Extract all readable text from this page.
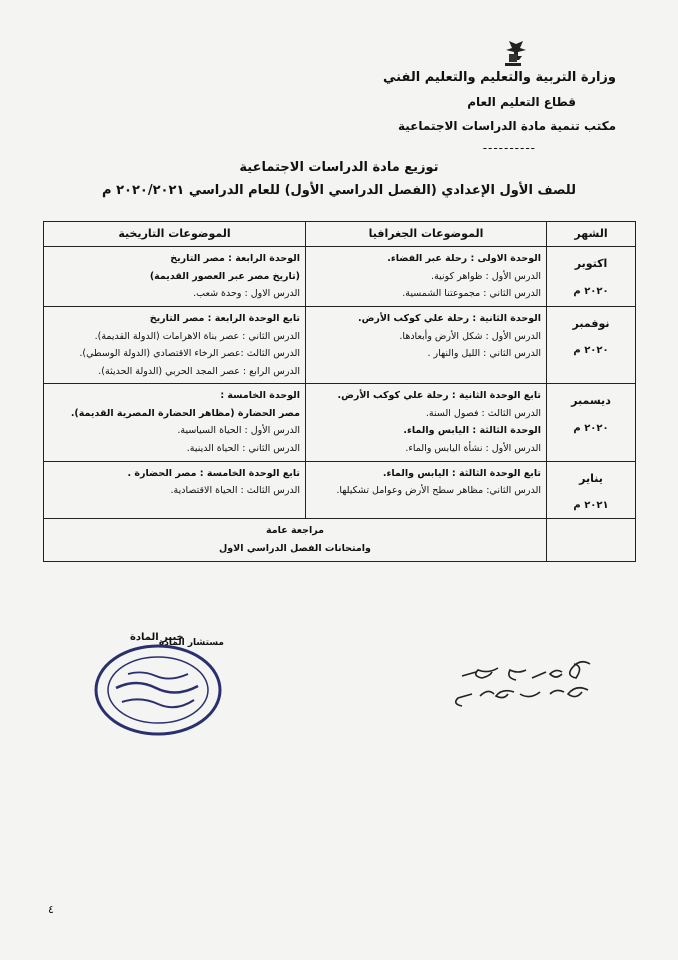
وزارة التربية والتعليم والتعليم الفني
قطاع التعليم العام
مكتب تنمية مادة الدراسات الاجتماعية
----------
توزيع مادة الدراسات الاجتماعية
للصف الأول الإعدادي (الفصل الدراسي الأول) للعام الدراسي ٢٠٢٠/٢٠٢١ م
الشهر	الموضوعات الجغرافيا	الموضوعات التاريخية

اكتوبر
٢٠٢٠ م	الوحدة الاولى : رحلة عبر الفضاء.
الدرس الأول : ظواهر كونية.
الدرس الثاني : مجموعتنا الشمسية.	الوحدة الرابعة : مصر التاريخ
(تاريخ مصر عبر العصور القديمة)
الدرس الاول : وحدة شعب.

نوفمبر
٢٠٢٠ م	الوحدة الثانية : رحلة علي كوكب الأرض.
الدرس الأول : شكل الأرض وأبعادها.
الدرس الثاني : الليل والنهار .	تابع الوحدة الرابعة : مصر التاريخ
الدرس الثاني : عصر بناة الاهرامات (الدولة القديمة).
الدرس الثالث :عصر الرخاء الاقتصادي (الدولة الوسطي).
الدرس الرابع : عصر المجد الحربي (الدولة الحديثة).

ديسمبر
٢٠٢٠ م	تابع الوحدة الثانية : رحلة علي كوكب الأرض.
الدرس الثالث : فصول السنة.
الوحدة الثالثة : اليابس والماء.
الدرس الأول : نشأة اليابس والماء.	الوحدة الخامسة :
مصر الحضارة (مظاهر الحضارة المصرية القديمة).
الدرس الأول : الحياة السياسية.
الدرس الثاني : الحياة الدينية.

يناير
٢٠٢١ م	تابع الوحدة الثالثة : اليابس والماء.
الدرس الثاني: مظاهر سطح الأرض وعوامل تشكيلها.	تابع الوحدة الخامسة : مصر الحضارة .
الدرس الثالث : الحياة الاقتصادية.

	مراجعة عامة
وامتحانات الفصل الدراسي الاول	
مستشار المادة
خبير المادة
٤
